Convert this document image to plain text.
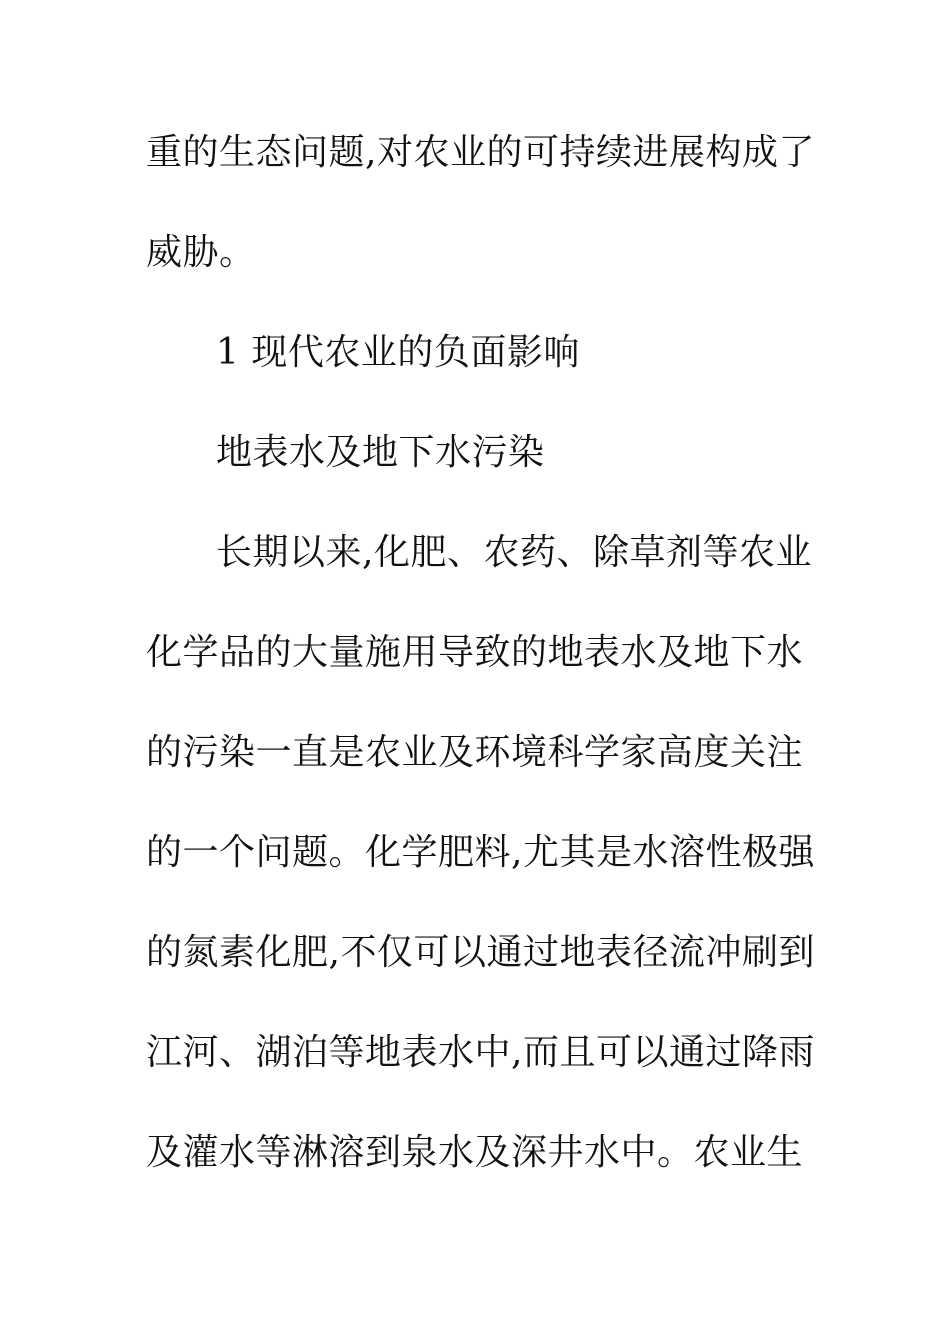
重的生态问题,对农业的可持续进展构成了
威胁。
1 现代农业的负面影响
地表水及地下水污染
长期以来,化肥、农药、除草剂等农业
化学品的大量施用导致的地表水及地下水
的污染一直是农业及环境科学家高度关注
的一个问题。化学肥料,尤其是水溶性极强
的氮素化肥,不仅可以通过地表径流冲刷到
江河、湖泊等地表水中,而且可以通过降雨
及灌水等淋溶到泉水及深井水中。农业生
